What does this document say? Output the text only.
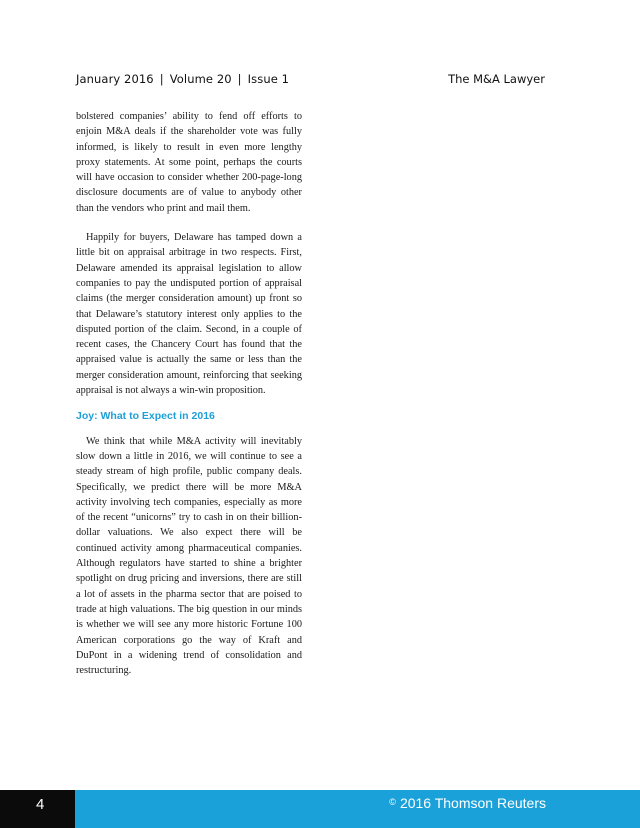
January 2016 | Volume 20 | Issue 1	The M&A Lawyer

bolstered companies’ ability to fend off efforts to enjoin M&A deals if the shareholder vote was fully informed, is likely to result in even more lengthy proxy statements. At some point, perhaps the courts will have occasion to consider whether 200-page-long disclosure documents are of value to anybody other than the vendors who print and mail them.

Happily for buyers, Delaware has tamped down a little bit on appraisal arbitrage in two respects. First, Delaware amended its appraisal legislation to allow companies to pay the undisputed portion of appraisal claims (the merger consideration amount) up front so that Delaware’s statutory interest only applies to the disputed portion of the claim. Second, in a couple of recent cases, the Chancery Court has found that the appraised value is actually the same or less than the merger consideration amount, reinforcing that seeking appraisal is not always a win-win proposition.

Joy: What to Expect in 2016

We think that while M&A activity will inevitably slow down a little in 2016, we will continue to see a steady stream of high profile, public company deals. Specifically, we predict there will be more M&A activity involving tech companies, especially as more of the recent “unicorns” try to cash in on their billion-dollar valuations. We also expect there will be continued activity among pharmaceutical companies. Although regulators have started to shine a brighter spotlight on drug pricing and inversions, there are still a lot of assets in the pharma sector that are poised to trade at high valuations. The big question in our minds is whether we will see any more historic Fortune 100 American corporations go the way of Kraft and DuPont in a widening trend of consolidation and restructuring.

4	© 2016 Thomson Reuters
